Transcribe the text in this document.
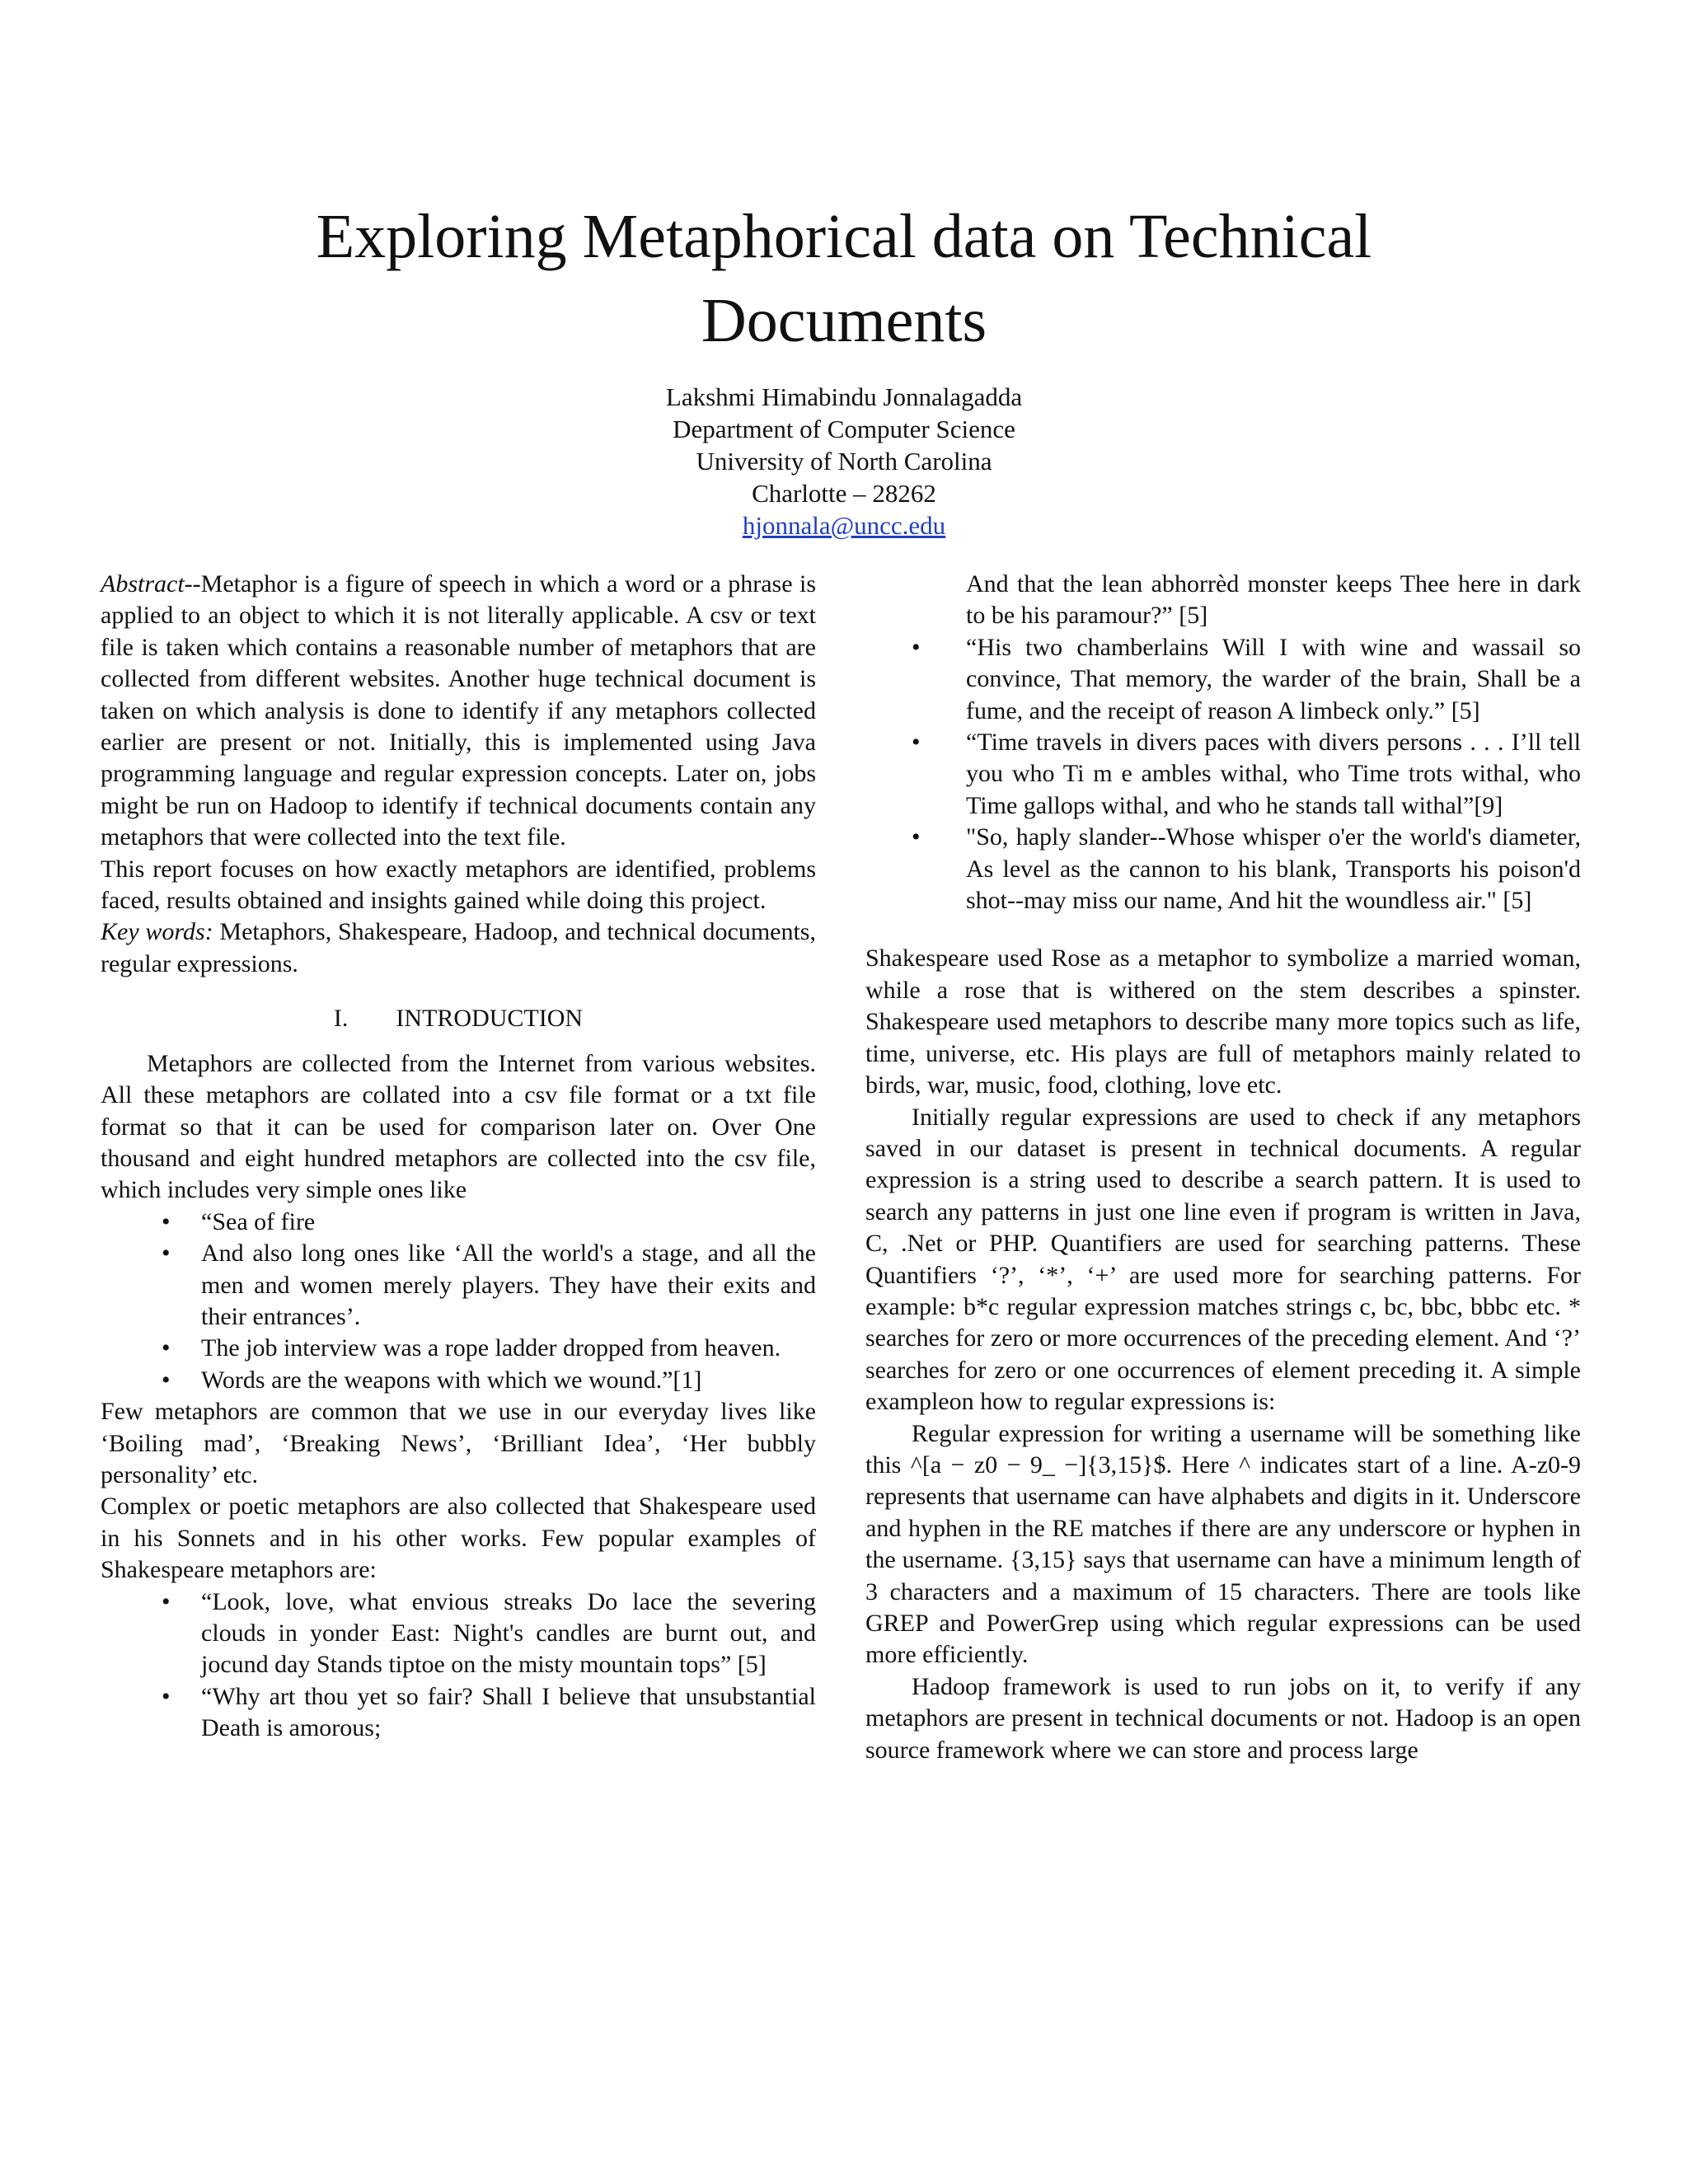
Exploring Metaphorical data on Technical
Documents
Lakshmi Himabindu Jonnalagadda
Department of Computer Science
University of North Carolina
Charlotte – 28262
hjonnala@uncc.edu

Abstract--Metaphor is a figure of speech in which a word or a phrase is applied to an object to which it is not literally applicable. A csv or text file is taken which contains a reasonable number of metaphors that are collected from different websites. Another huge technical document is taken on which analysis is done to identify if any metaphors collected earlier are present or not. Initially, this is implemented using Java programming language and regular expression concepts. Later on, jobs might be run on Hadoop to identify if technical documents contain any metaphors that were collected into the text file.

This report focuses on how exactly metaphors are identified, problems faced, results obtained and insights gained while doing this project.

Key words: Metaphors, Shakespeare, Hadoop, and technical documents, regular expressions.

I. INTRODUCTION

Metaphors are collected from the Internet from various websites. All these metaphors are collated into a csv file format or a txt file format so that it can be used for comparison later on. Over One thousand and eight hundred metaphors are collected into the csv file, which includes very simple ones like

• “Sea of fire
• And also long ones like ‘All the world's a stage, and all the men and women merely players. They have their exits and their entrances’.
• The job interview was a rope ladder dropped from heaven.
• Words are the weapons with which we wound.”[1]

Few metaphors are common that we use in our everyday lives like ‘Boiling mad’, ‘Breaking News’, ‘Brilliant Idea’, ‘Her bubbly personality’ etc.

Complex or poetic metaphors are also collected that Shakespeare used in his Sonnets and in his other works. Few popular examples of Shakespeare metaphors are:

• “Look, love, what envious streaks Do lace the severing clouds in yonder East: Night's candles are burnt out, and jocund day Stands tiptoe on the misty mountain tops” [5]
• “Why art thou yet so fair? Shall I believe that unsubstantial Death is amorous;

And that the lean abhorrèd monster keeps Thee here in dark to be his paramour?” [5]

• “His two chamberlains Will I with wine and wassail so convince, That memory, the warder of the brain, Shall be a fume, and the receipt of reason A limbeck only.” [5]
• “Time travels in divers paces with divers persons . . . I’ll tell you who Ti m e ambles withal, who Time trots withal, who Time gallops withal, and who he stands tall withal”[9]
• "So, haply slander--Whose whisper o'er the world's diameter, As level as the cannon to his blank, Transports his poison'd shot--may miss our name, And hit the woundless air." [5]

Shakespeare used Rose as a metaphor to symbolize a married woman, while a rose that is withered on the stem describes a spinster. Shakespeare used metaphors to describe many more topics such as life, time, universe, etc. His plays are full of metaphors mainly related to birds, war, music, food, clothing, love etc.

Initially regular expressions are used to check if any metaphors saved in our dataset is present in technical documents. A regular expression is a string used to describe a search pattern. It is used to search any patterns in just one line even if program is written in Java, C, .Net or PHP. Quantifiers are used for searching patterns. These Quantifiers ‘?’, ‘*’, ‘+’ are used more for searching patterns. For example: b*c regular expression matches strings c, bc, bbc, bbbc etc. * searches for zero or more occurrences of the preceding element. And ‘?’ searches for zero or one occurrences of element preceding it. A simple exampleon how to regular expressions is:

Regular expression for writing a username will be something like this ^[a − z0 − 9_ −]{3,15}$. Here ^ indicates start of a line. A-z0-9 represents that username can have alphabets and digits in it. Underscore and hyphen in the RE matches if there are any underscore or hyphen in the username. {3,15} says that username can have a minimum length of 3 characters and a maximum of 15 characters. There are tools like GREP and PowerGrep using which regular expressions can be used more efficiently.

Hadoop framework is used to run jobs on it, to verify if any metaphors are present in technical documents or not. Hadoop is an open source framework where we can store and process large
